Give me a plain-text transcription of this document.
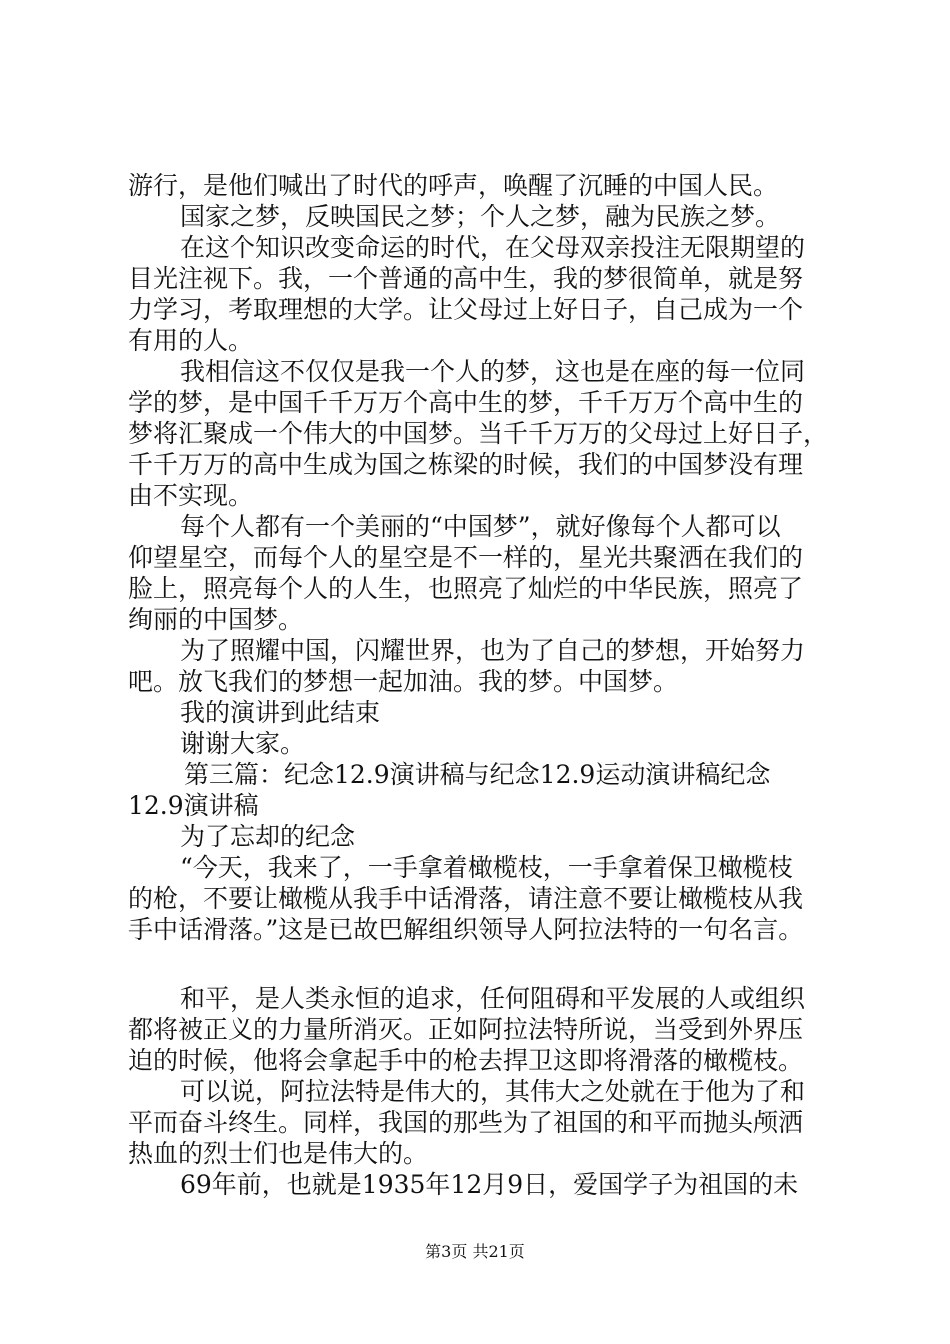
游行，是他们喊出了时代的呼声，唤醒了沉睡的中国人民。
国家之梦，反映国民之梦；个人之梦，融为民族之梦。
在这个知识改变命运的时代，在父母双亲投注无限期望的
目光注视下。我，一个普通的高中生，我的梦很简单，就是努
力学习，考取理想的大学。让父母过上好日子，自己成为一个
有用的人。
我相信这不仅仅是我一个人的梦，这也是在座的每一位同
学的梦，是中国千千万万个高中生的梦，千千万万个高中生的
梦将汇聚成一个伟大的中国梦。当千千万万的父母过上好日子，
千千万万的高中生成为国之栋梁的时候，我们的中国梦没有理
由不实现。
每个人都有一个美丽的“中国梦”，就好像每个人都可以
仰望星空，而每个人的星空是不一样的，星光共聚洒在我们的
脸上，照亮每个人的人生，也照亮了灿烂的中华民族，照亮了
绚丽的中国梦。
为了照耀中国，闪耀世界，也为了自己的梦想，开始努力
吧。放飞我们的梦想一起加油。我的梦。中国梦。
我的演讲到此结束
谢谢大家。
第三篇：纪念12.9演讲稿与纪念12.9运动演讲稿纪念
12.9演讲稿
为了忘却的纪念
“今天，我来了，一手拿着橄榄枝，一手拿着保卫橄榄枝
的枪，不要让橄榄从我手中话滑落，请注意不要让橄榄枝从我
手中话滑落。”这是已故巴解组织领导人阿拉法特的一句名言。
和平，是人类永恒的追求，任何阻碍和平发展的人或组织
都将被正义的力量所消灭。正如阿拉法特所说，当受到外界压
迫的时候，他将会拿起手中的枪去捍卫这即将滑落的橄榄枝。
可以说，阿拉法特是伟大的，其伟大之处就在于他为了和
平而奋斗终生。同样，我国的那些为了祖国的和平而抛头颅洒
热血的烈士们也是伟大的。
69年前，也就是1935年12月9日，爱国学子为祖国的未
第3页 共21页
